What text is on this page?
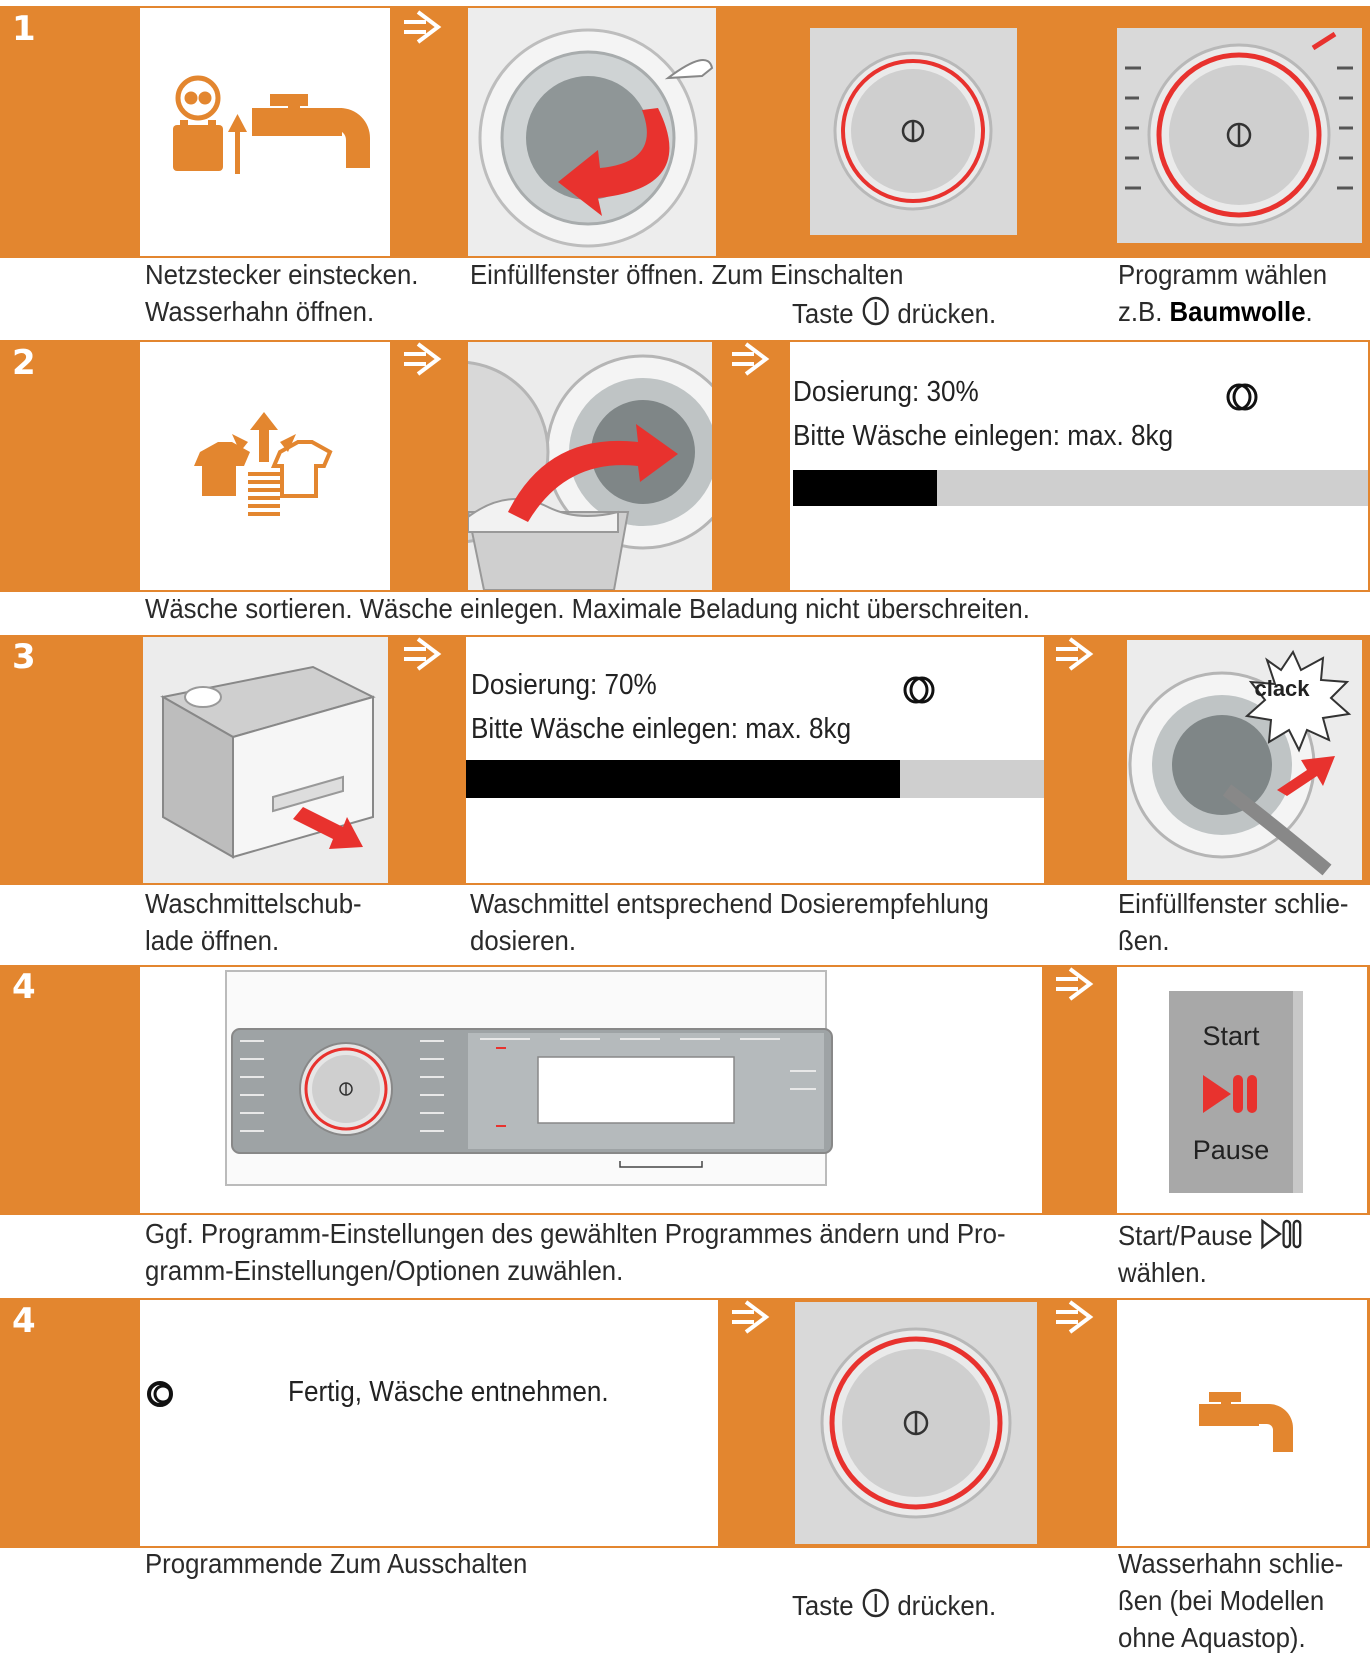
1
Netzstecker einstecken.
Wasserhahn öffnen.
Einfüllfenster öffnen. Zum Einschalten
Taste drücken.
Programm wählen
z.B. Baumwolle.
2
Dosierung: 30%
Bitte Wäsche einlegen: max. 8kg
Wäsche sortieren. Wäsche einlegen. Maximale Beladung nicht überschreiten.
3
Dosierung: 70%
Bitte Wäsche einlegen: max. 8kg
clack
Waschmittelschub-
lade öffnen.
Waschmittel entsprechend Dosierempfehlung
dosieren.
Einfüllfenster schlie-
ßen.
4
Start
Pause
Ggf. Programm-Einstellungen des gewählten Programmes ändern und Pro-
gramm-Einstellungen/Optionen zuwählen.
Start/Pause
wählen.
4
Fertig, Wäsche entnehmen.
Programmende Zum Ausschalten
Taste drücken.
Wasserhahn schlie-
ßen (bei Modellen
ohne Aquastop).
